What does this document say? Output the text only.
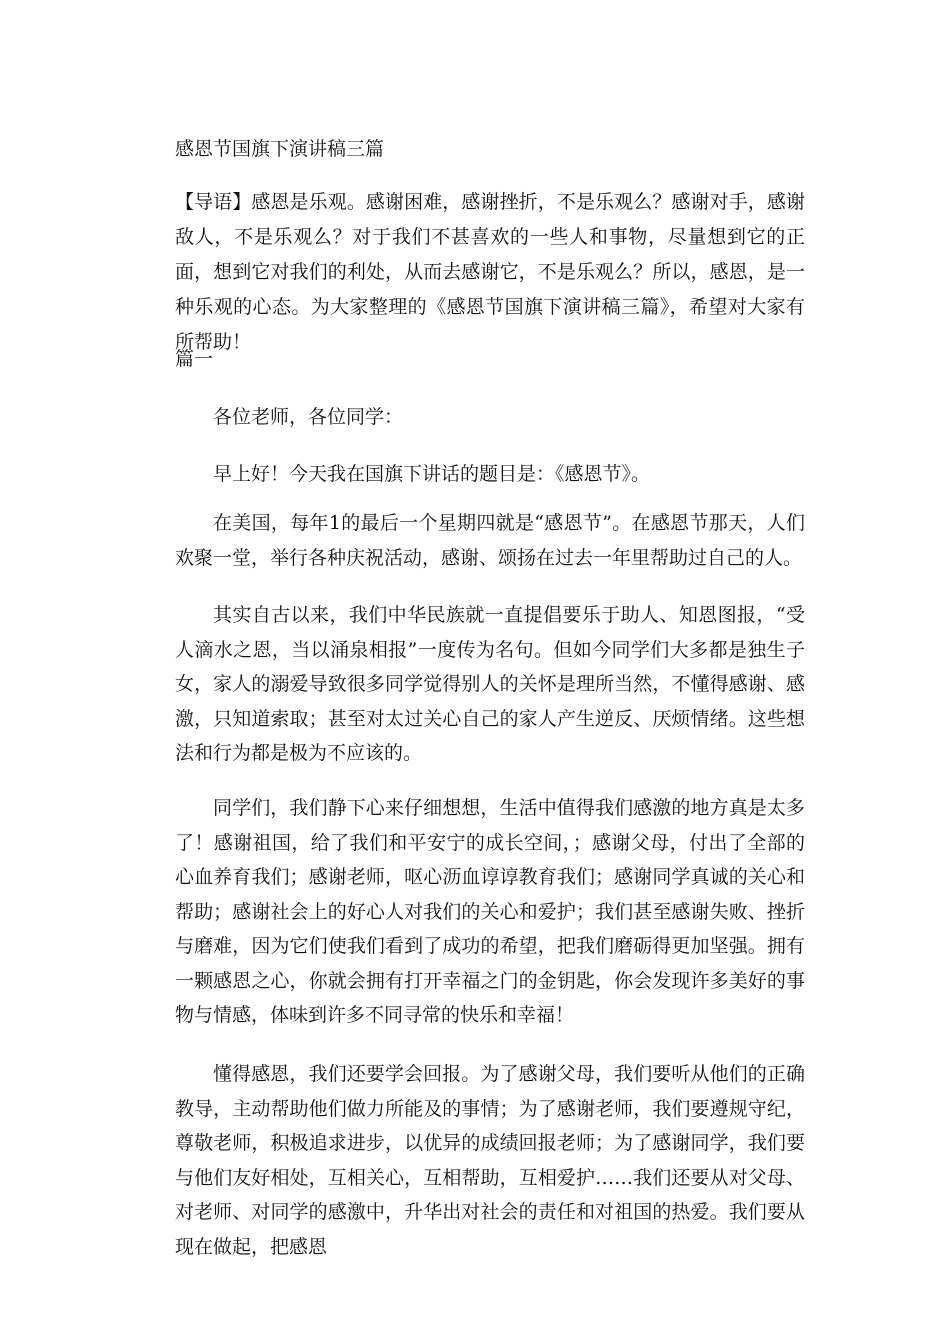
感恩节国旗下演讲稿三篇

【导语】感恩是乐观。感谢困难，感谢挫折，不是乐观么？感谢对手，感谢敌人，不是乐观么？对于我们不甚喜欢的一些人和事物，尽量想到它的正面，想到它对我们的利处，从而去感谢它，不是乐观么？所以，感恩，是一种乐观的心态。为大家整理的《感恩节国旗下演讲稿三篇》，希望对大家有所帮助！

篇一

各位老师，各位同学：

早上好！今天我在国旗下讲话的题目是：《感恩节》。

在美国，每年1的最后一个星期四就是“感恩节”。在感恩节那天，人们欢聚一堂，举行各种庆祝活动，感谢、颂扬在过去一年里帮助过自己的人。

其实自古以来，我们中华民族就一直提倡要乐于助人、知恩图报，“受人滴水之恩，当以涌泉相报”一度传为名句。但如今同学们大多都是独生子女，家人的溺爱导致很多同学觉得别人的关怀是理所当然，不懂得感谢、感激，只知道索取；甚至对太过关心自己的家人产生逆反、厌烦情绪。这些想法和行为都是极为不应该的。

同学们，我们静下心来仔细想想，生活中值得我们感激的地方真是太多了！感谢祖国，给了我们和平安宁的成长空间，；感谢父母，付出了全部的心血养育我们；感谢老师，呕心沥血谆谆教育我们；感谢同学真诚的关心和帮助；感谢社会上的好心人对我们的关心和爱护；我们甚至感谢失败、挫折与磨难，因为它们使我们看到了成功的希望，把我们磨砺得更加坚强。拥有一颗感恩之心，你就会拥有打开幸福之门的金钥匙，你会发现许多美好的事物与情感，体味到许多不同寻常的快乐和幸福！

懂得感恩，我们还要学会回报。为了感谢父母，我们要听从他们的正确教导，主动帮助他们做力所能及的事情；为了感谢老师，我们要遵规守纪，尊敬老师，积极追求进步，以优异的成绩回报老师；为了感谢同学，我们要与他们友好相处，互相关心，互相帮助，互相爱护……我们还要从对父母、对老师、对同学的感激中，升华出对社会的责任和对祖国的热爱。我们要从现在做起，把感恩
